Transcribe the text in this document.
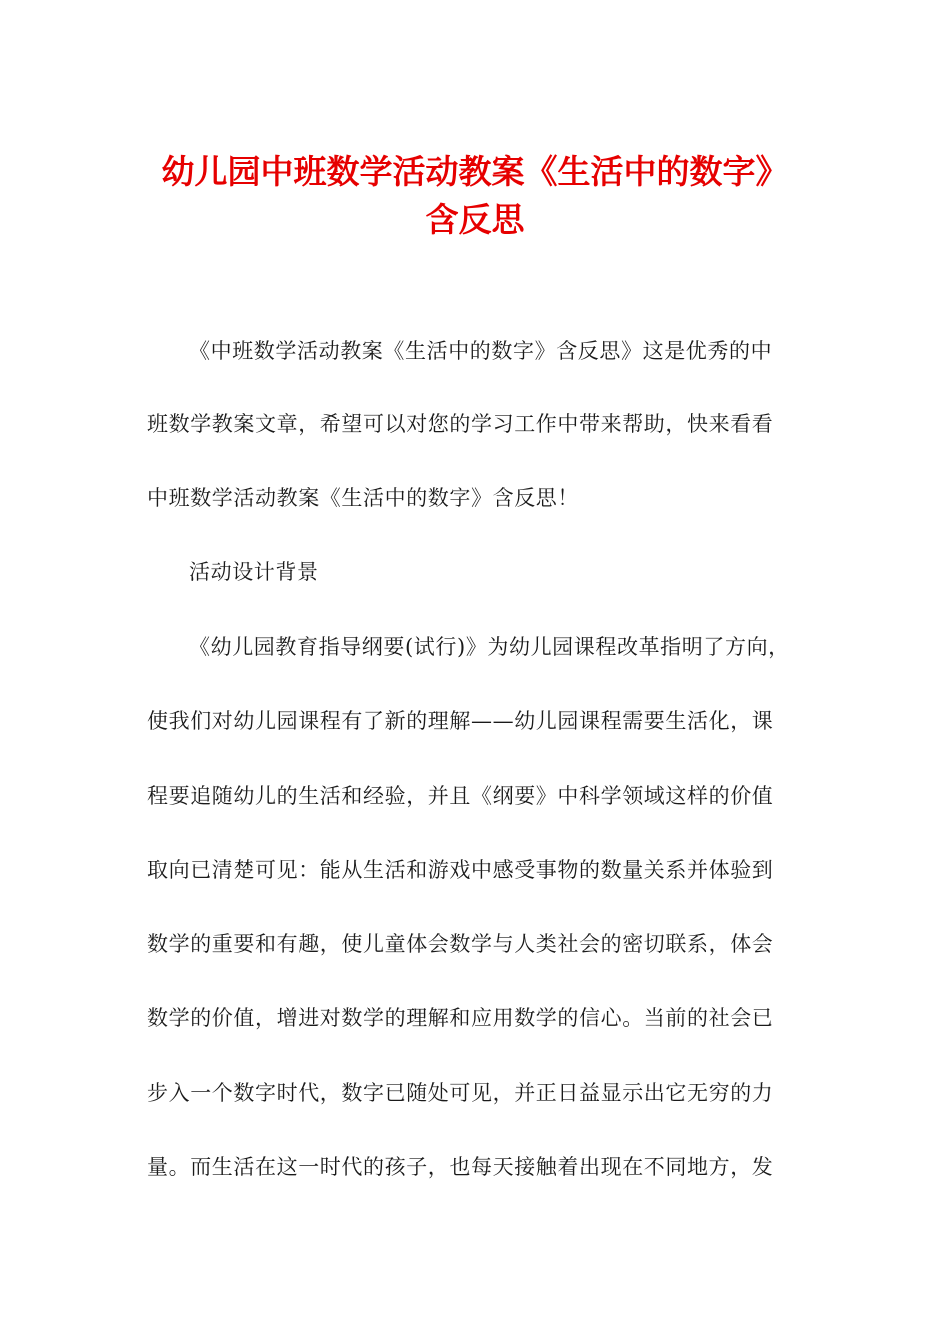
幼儿园中班数学活动教案《生活中的数字》
含反思
《中班数学活动教案《生活中的数字》含反思》这是优秀的中
班数学教案文章，希望可以对您的学习工作中带来帮助，快来看看
中班数学活动教案《生活中的数字》含反思！
活动设计背景
《幼儿园教育指导纲要(试行)》为幼儿园课程改革指明了方向，
使我们对幼儿园课程有了新的理解——幼儿园课程需要生活化，课
程要追随幼儿的生活和经验，并且《纲要》中科学领域这样的价值
取向已清楚可见：能从生活和游戏中感受事物的数量关系并体验到
数学的重要和有趣，使儿童体会数学与人类社会的密切联系，体会
数学的价值，增进对数学的理解和应用数学的信心。当前的社会已
步入一个数字时代，数字已随处可见，并正日益显示出它无穷的力
量。而生活在这一时代的孩子，也每天接触着出现在不同地方，发
